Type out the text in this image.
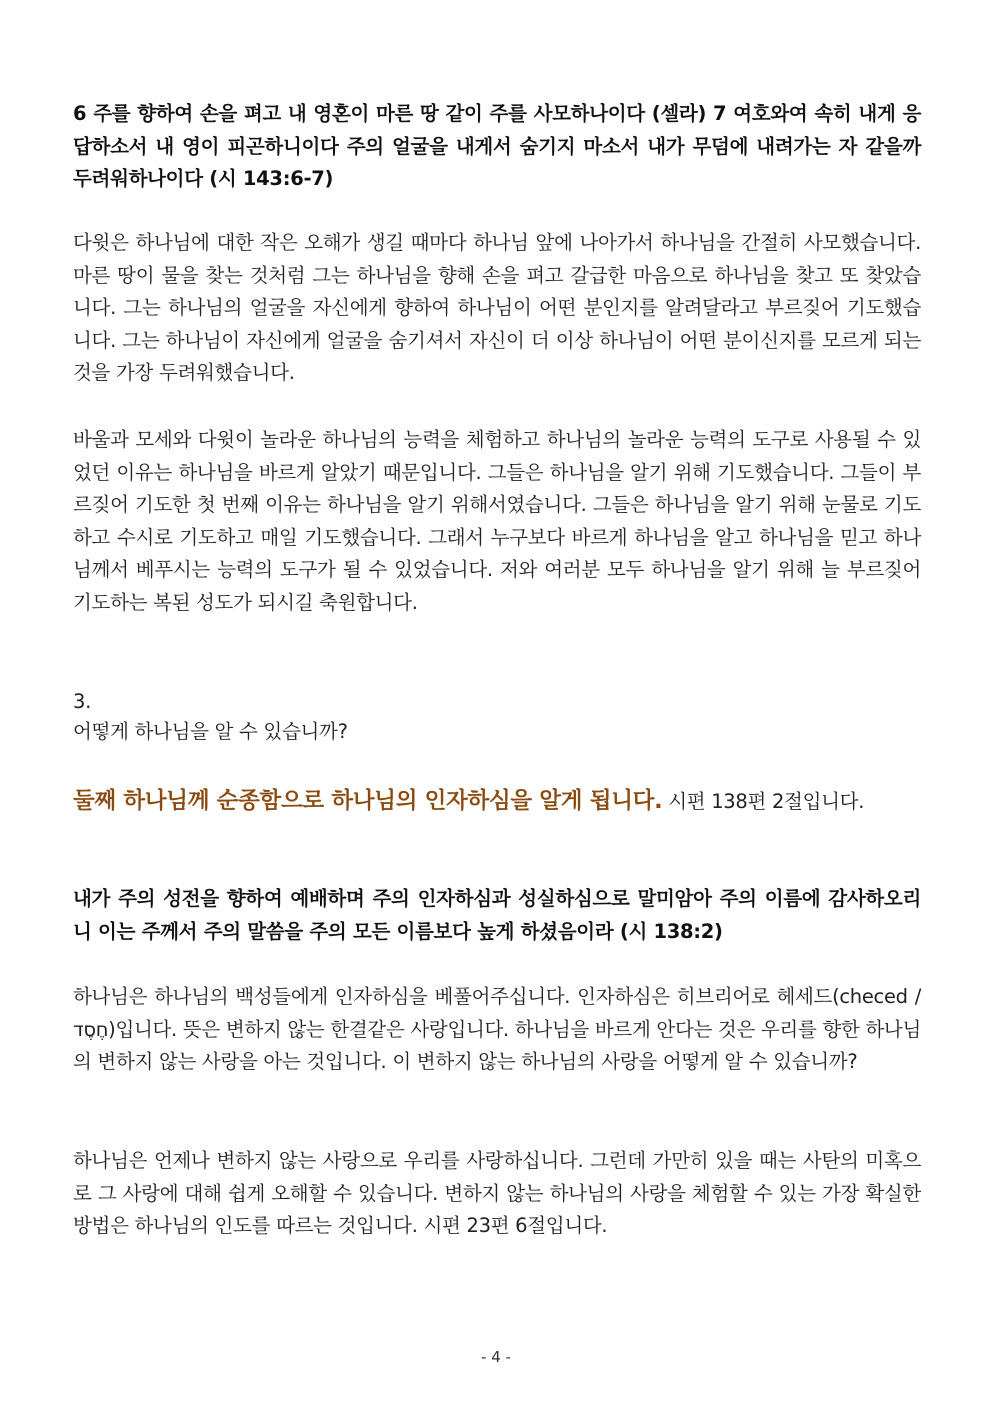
6 주를 향하여 손을 펴고 내 영혼이 마른 땅 같이 주를 사모하나이다 (셀라) 7 여호와여 속히 내게 응답하소서 내 영이 피곤하니이다 주의 얼굴을 내게서 숨기지 마소서 내가 무덤에 내려가는 자 같을까 두려워하나이다 (시 143:6-7)

다윗은 하나님에 대한 작은 오해가 생길 때마다 하나님 앞에 나아가서 하나님을 간절히 사모했습니다. 마른 땅이 물을 찾는 것처럼 그는 하나님을 향해 손을 펴고 갈급한 마음으로 하나님을 찾고 또 찾았습니다. 그는 하나님의 얼굴을 자신에게 향하여 하나님이 어떤 분인지를 알려달라고 부르짖어 기도했습니다. 그는 하나님이 자신에게 얼굴을 숨기셔서 자신이 더 이상 하나님이 어떤 분이신지를 모르게 되는 것을 가장 두려워했습니다.

바울과 모세와 다윗이 놀라운 하나님의 능력을 체험하고 하나님의 놀라운 능력의 도구로 사용될 수 있었던 이유는 하나님을 바르게 알았기 때문입니다. 그들은 하나님을 알기 위해 기도했습니다. 그들이 부르짖어 기도한 첫 번째 이유는 하나님을 알기 위해서였습니다. 그들은 하나님을 알기 위해 눈물로 기도하고 수시로 기도하고 매일 기도했습니다. 그래서 누구보다 바르게 하나님을 알고 하나님을 믿고 하나님께서 베푸시는 능력의 도구가 될 수 있었습니다. 저와 여러분 모두 하나님을 알기 위해 늘 부르짖어 기도하는 복된 성도가 되시길 축원합니다.

3.

어떻게 하나님을 알 수 있습니까?

둘째 하나님께 순종함으로 하나님의 인자하심을 알게 됩니다. 시편 138편 2절입니다.

내가 주의 성전을 향하여 예배하며 주의 인자하심과 성실하심으로 말미암아 주의 이름에 감사하오리니 이는 주께서 주의 말씀을 주의 모든 이름보다 높게 하셨음이라 (시 138:2)

하나님은 하나님의 백성들에게 인자하심을 베풀어주십니다. 인자하심은 히브리어로 헤세드(checed / ‏חֶסֶד‎)입니다. 뜻은 변하지 않는 한결같은 사랑입니다. 하나님을 바르게 안다는 것은 우리를 향한 하나님의 변하지 않는 사랑을 아는 것입니다. 이 변하지 않는 하나님의 사랑을 어떻게 알 수 있습니까?

하나님은 언제나 변하지 않는 사랑으로 우리를 사랑하십니다. 그런데 가만히 있을 때는 사탄의 미혹으로 그 사랑에 대해 쉽게 오해할 수 있습니다. 변하지 않는 하나님의 사랑을 체험할 수 있는 가장 확실한 방법은 하나님의 인도를 따르는 것입니다. 시편 23편 6절입니다.

- 4 -
